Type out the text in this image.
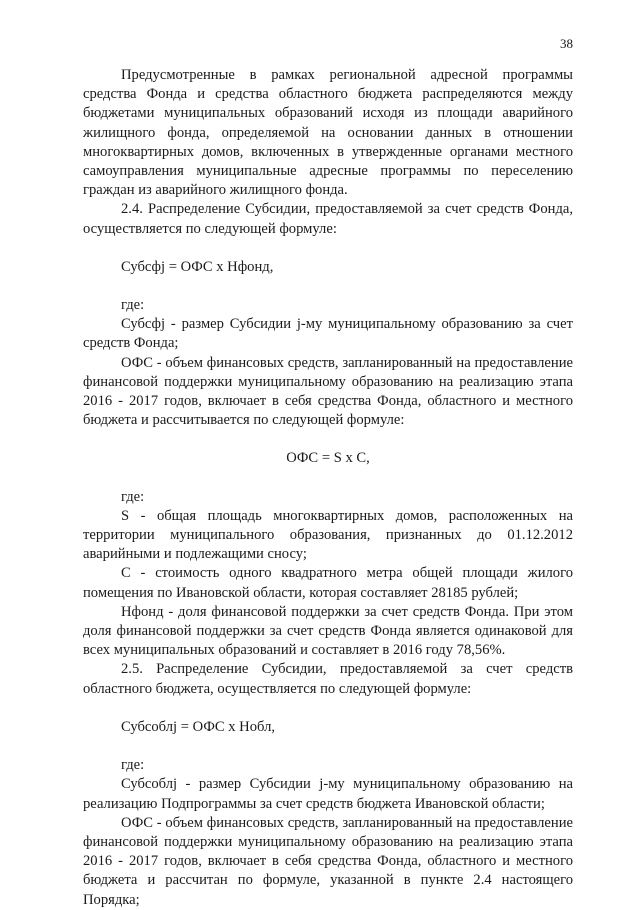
38

Предусмотренные в рамках региональной адресной программы средства Фонда и средства областного бюджета распределяются между бюджетами муниципальных образований исходя из площади аварийного жилищного фонда, определяемой на основании данных в отношении многоквартирных домов, включенных в утвержденные органами местного самоуправления муниципальные адресные программы по переселению граждан из аварийного жилищного фонда.

2.4. Распределение Субсидии, предоставляемой за счет средств Фонда, осуществляется по следующей формуле:

Субсфj = ОФС х Нфонд,

где:

Субсфj - размер Субсидии j-му муниципальному образованию за счет средств Фонда;

ОФС - объем финансовых средств, запланированный на предоставление финансовой поддержки муниципальному образованию на реализацию этапа 2016 - 2017 годов, включает в себя средства Фонда, областного и местного бюджета и рассчитывается по следующей формуле:

ОФС = S х С,

где:

S - общая площадь многоквартирных домов, расположенных на территории муниципального образования, признанных до 01.12.2012 аварийными и подлежащими сносу;

С - стоимость одного квадратного метра общей площади жилого помещения по Ивановской области, которая составляет 28185 рублей;

Нфонд - доля финансовой поддержки за счет средств Фонда. При этом доля финансовой поддержки за счет средств Фонда является одинаковой для всех муниципальных образований и составляет в 2016 году 78,56%.

2.5. Распределение Субсидии, предоставляемой за счет средств областного бюджета, осуществляется по следующей формуле:

Субсоблj = ОФС х Нобл,

где:

Субсоблj - размер Субсидии j-му муниципальному образованию на реализацию Подпрограммы за счет средств бюджета Ивановской области;

ОФС - объем финансовых средств, запланированный на предоставление финансовой поддержки муниципальному образованию на реализацию этапа 2016 - 2017 годов, включает в себя средства Фонда, областного и местного бюджета и рассчитан по формуле, указанной в пункте 2.4 настоящего Порядка;
